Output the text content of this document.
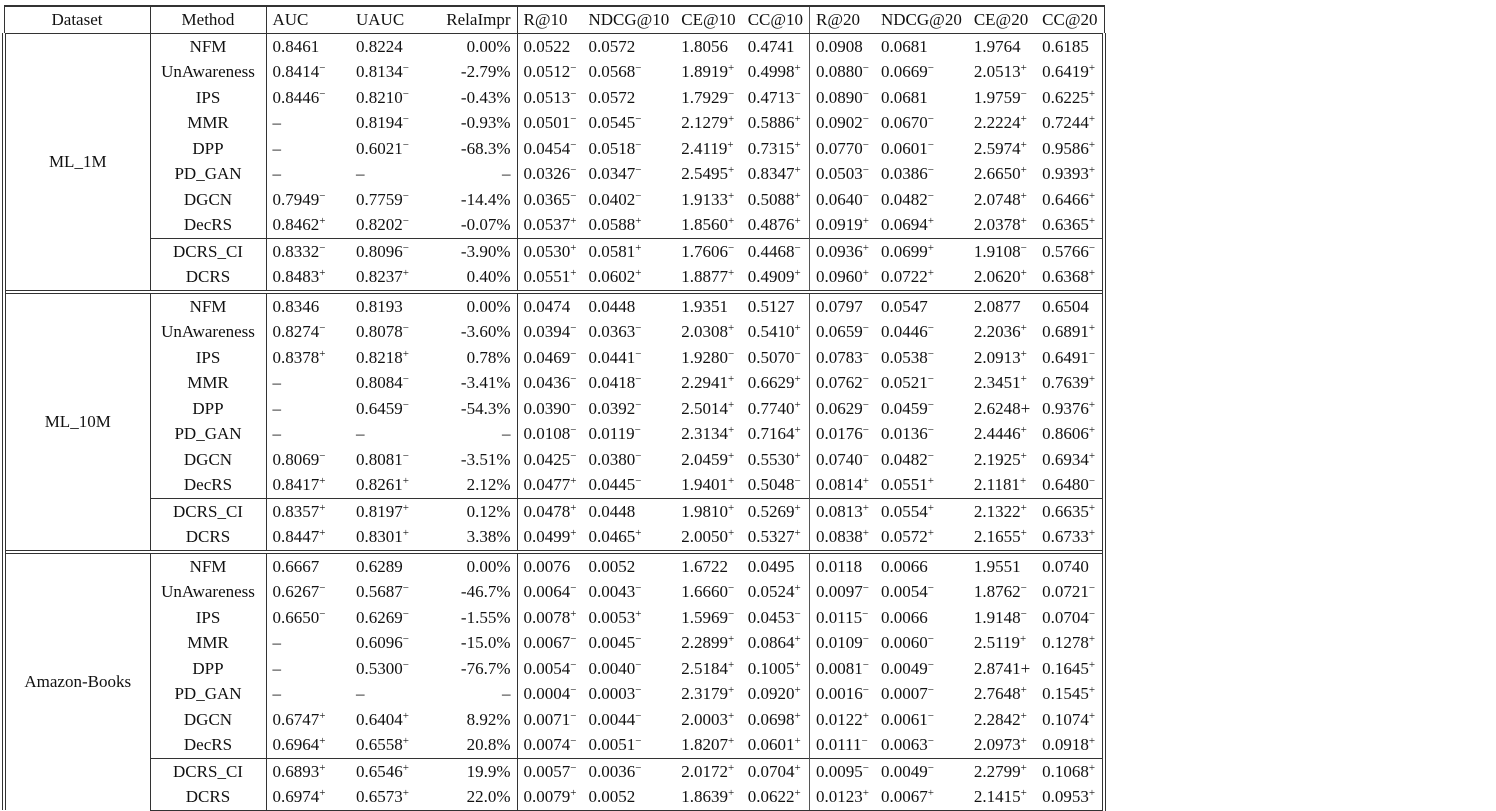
Dataset	Method	AUC	UAUC	RelaImpr	R@10	NDCG@10	CE@10	CC@10	R@20	NDCG@20	CE@20	CC@20
ML_1M	NFM	0.8461	0.8224	0.00%	0.0522	0.0572	1.8056	0.4741	0.0908	0.0681	1.9764	0.6185
	UnAwareness	0.8414−	0.8134−	-2.79%	0.0512−	0.0568−	1.8919+	0.4998+	0.0880−	0.0669−	2.0513+	0.6419+
	IPS	0.8446−	0.8210−	-0.43%	0.0513−	0.0572	1.7929−	0.4713−	0.0890−	0.0681	1.9759−	0.6225+
	MMR	–	0.8194−	-0.93%	0.0501−	0.0545−	2.1279+	0.5886+	0.0902−	0.0670−	2.2224+	0.7244+
	DPP	–	0.6021−	-68.3%	0.0454−	0.0518−	2.4119+	0.7315+	0.0770−	0.0601−	2.5974+	0.9586+
	PD_GAN	–	–	–	0.0326−	0.0347−	2.5495+	0.8347+	0.0503−	0.0386−	2.6650+	0.9393+
	DGCN	0.7949−	0.7759−	-14.4%	0.0365−	0.0402−	1.9133+	0.5088+	0.0640−	0.0482−	2.0748+	0.6466+
	DecRS	0.8462+	0.8202−	-0.07%	0.0537+	0.0588+	1.8560+	0.4876+	0.0919+	0.0694+	2.0378+	0.6365+
	DCRS_CI	0.8332−	0.8096−	-3.90%	0.0530+	0.0581+	1.7606−	0.4468−	0.0936+	0.0699+	1.9108−	0.5766−
	DCRS	0.8483+	0.8237+	0.40%	0.0551+	0.0602+	1.8877+	0.4909+	0.0960+	0.0722+	2.0620+	0.6368+
ML_10M	NFM	0.8346	0.8193	0.00%	0.0474	0.0448	1.9351	0.5127	0.0797	0.0547	2.0877	0.6504
	UnAwareness	0.8274−	0.8078−	-3.60%	0.0394−	0.0363−	2.0308+	0.5410+	0.0659−	0.0446−	2.2036+	0.6891+
	IPS	0.8378+	0.8218+	0.78%	0.0469−	0.0441−	1.9280−	0.5070−	0.0783−	0.0538−	2.0913+	0.6491−
	MMR	–	0.8084−	-3.41%	0.0436−	0.0418−	2.2941+	0.6629+	0.0762−	0.0521−	2.3451+	0.7639+
	DPP	–	0.6459−	-54.3%	0.0390−	0.0392−	2.5014+	0.7740+	0.0629−	0.0459−	2.6248+	0.9376+
	PD_GAN	–	–	–	0.0108−	0.0119−	2.3134+	0.7164+	0.0176−	0.0136−	2.4446+	0.8606+
	DGCN	0.8069−	0.8081−	-3.51%	0.0425−	0.0380−	2.0459+	0.5530+	0.0740−	0.0482−	2.1925+	0.6934+
	DecRS	0.8417+	0.8261+	2.12%	0.0477+	0.0445−	1.9401+	0.5048−	0.0814+	0.0551+	2.1181+	0.6480−
	DCRS_CI	0.8357+	0.8197+	0.12%	0.0478+	0.0448	1.9810+	0.5269+	0.0813+	0.0554+	2.1322+	0.6635+
	DCRS	0.8447+	0.8301+	3.38%	0.0499+	0.0465+	2.0050+	0.5327+	0.0838+	0.0572+	2.1655+	0.6733+
Amazon-Books	NFM	0.6667	0.6289	0.00%	0.0076	0.0052	1.6722	0.0495	0.0118	0.0066	1.9551	0.0740
	UnAwareness	0.6267−	0.5687−	-46.7%	0.0064−	0.0043−	1.6660−	0.0524+	0.0097−	0.0054−	1.8762−	0.0721−
	IPS	0.6650−	0.6269−	-1.55%	0.0078+	0.0053+	1.5969−	0.0453−	0.0115−	0.0066	1.9148−	0.0704−
	MMR	–	0.6096−	-15.0%	0.0067−	0.0045−	2.2899+	0.0864+	0.0109−	0.0060−	2.5119+	0.1278+
	DPP	–	0.5300−	-76.7%	0.0054−	0.0040−	2.5184+	0.1005+	0.0081−	0.0049−	2.8741+	0.1645+
	PD_GAN	–	–	–	0.0004−	0.0003−	2.3179+	0.0920+	0.0016−	0.0007−	2.7648+	0.1545+
	DGCN	0.6747+	0.6404+	8.92%	0.0071−	0.0044−	2.0003+	0.0698+	0.0122+	0.0061−	2.2842+	0.1074+
	DecRS	0.6964+	0.6558+	20.8%	0.0074−	0.0051−	1.8207+	0.0601+	0.0111−	0.0063−	2.0973+	0.0918+
	DCRS_CI	0.6893+	0.6546+	19.9%	0.0057−	0.0036−	2.0172+	0.0704+	0.0095−	0.0049−	2.2799+	0.1068+
	DCRS	0.6974+	0.6573+	22.0%	0.0079+	0.0052	1.8639+	0.0622+	0.0123+	0.0067+	2.1415+	0.0953+
